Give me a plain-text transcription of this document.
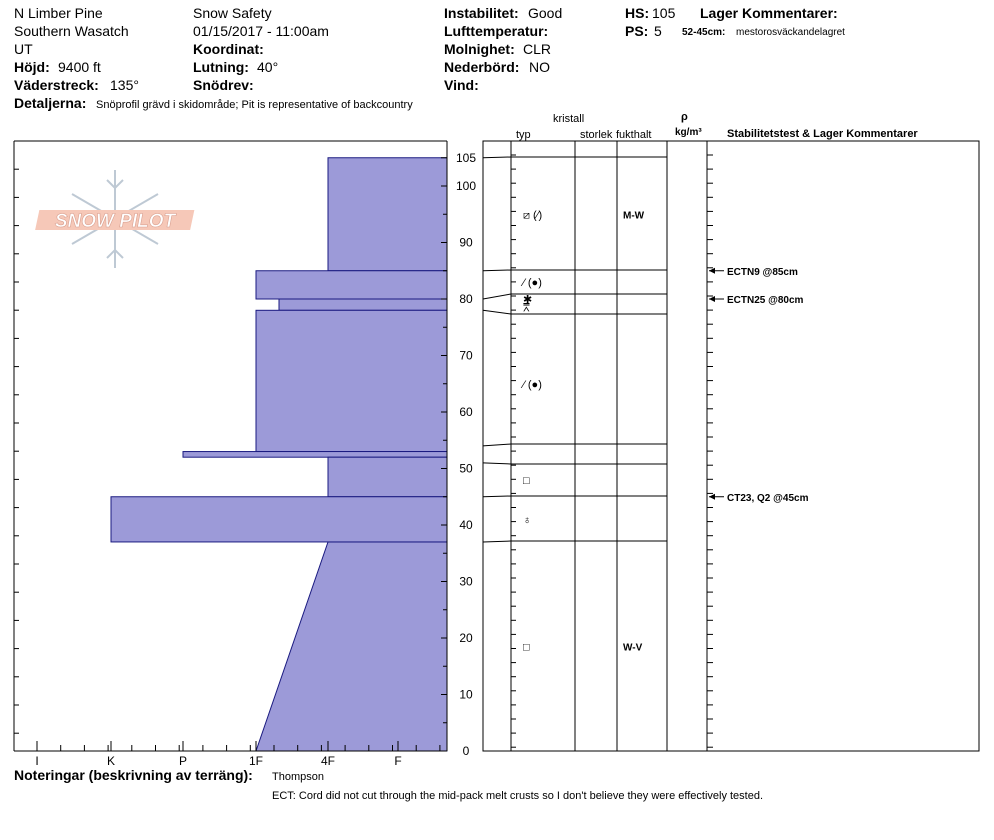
N Limber Pine
Southern Wasatch
UT
Höjd: 9400 ft
Väderstreck: 135°
Detaljerna: Snöprofil grävd i skidområde; Pit is representative of backcountry
Snow Safety
01/15/2017 - 11:00am
Koordinat:
Lutning: 40°
Snödrev:
Instabilitet: Good
Lufttemperatur:
Molnighet: CLR
Nederbörd: NO
Vind:
HS: 105
PS: 5
Lager Kommentarer:
52-45cm: mestorosväckandelagret
kristall
typ	storlek fukthalt
ρ
kg/m³ Stabilitetstest & Lager Kommentarer
SNOW PILOT
0
10
20
30
40
50
60
70
80
90
100
105
I	K	P	1F	4F	F
⧄ (⁄)	M-W
⁄ (●)
✱
⩞
⁄ (●)
□
♁
□	W-V
ECTN9 @85cm
ECTN25 @80cm
CT23, Q2 @45cm
Noteringar (beskrivning av terräng): Thompson
ECT: Cord did not cut through the mid-pack melt crusts so I don't believe they were effectively tested.
